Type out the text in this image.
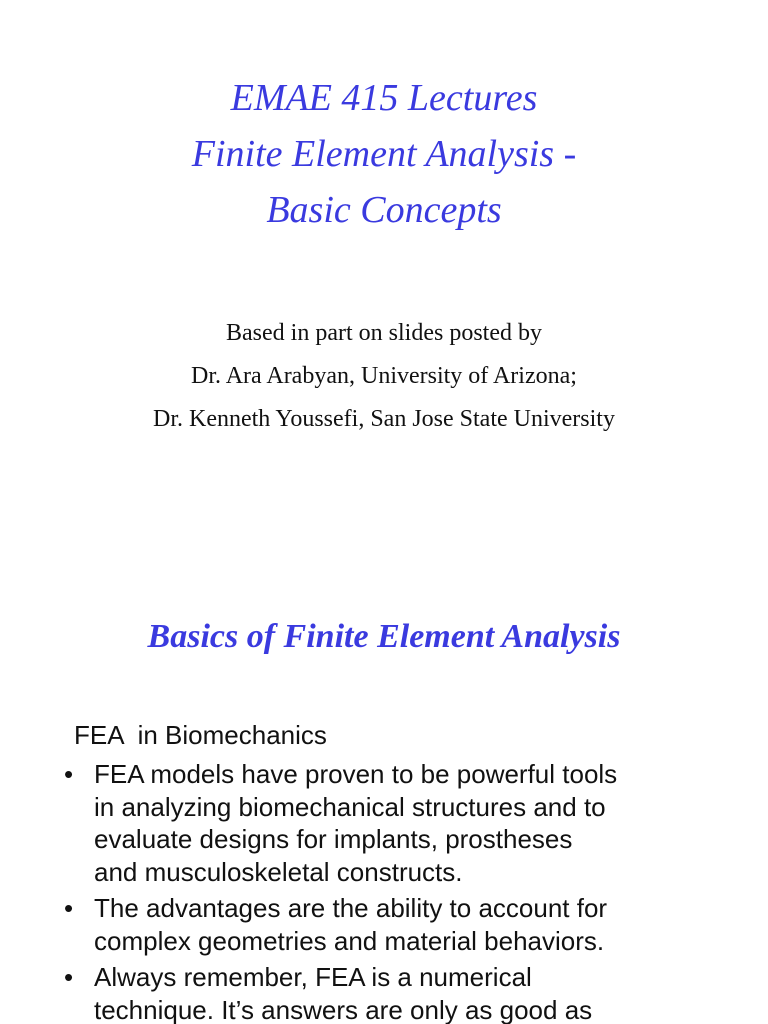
EMAE 415 Lectures
Finite Element Analysis -
Basic Concepts
Based in part on slides posted by
Dr. Ara Arabyan, University of Arizona;
Dr. Kenneth Youssefi, San Jose State University
Basics of Finite Element Analysis
FEA  in Biomechanics
• FEA models have proven to be powerful tools
in analyzing biomechanical structures and to
evaluate designs for implants, prostheses
and musculoskeletal constructs.
• The advantages are the ability to account for
complex geometries and material behaviors.
• Always remember, FEA is a numerical
technique. It’s answers are only as good as
